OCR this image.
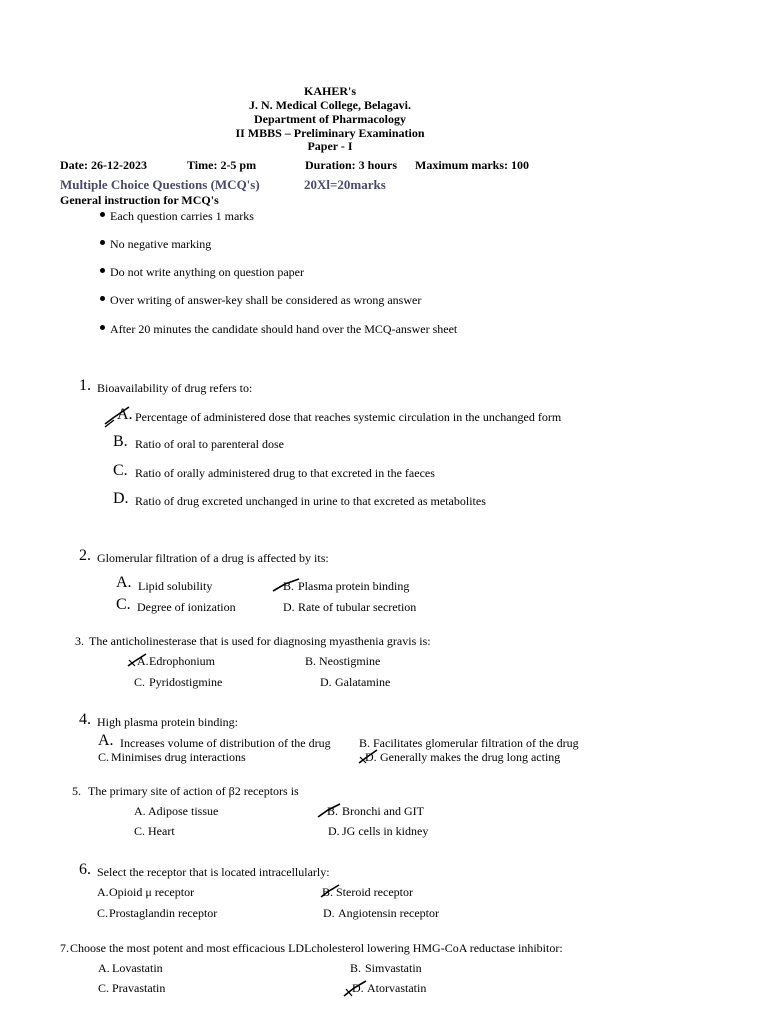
KAHER's
J. N. Medical College, Belagavi.
Department of Pharmacology
II MBBS – Preliminary Examination
Paper - I
Date: 26-12-2023	Time: 2-5 pm	Duration: 3 hours Maximum marks: 100
Multiple Choice Questions (MCQ's)	20Xl=20marks
General instruction for MCQ's
Each question carries 1 marks
No negative marking
Do not write anything on question paper
Over writing of answer-key shall be considered as wrong answer
After 20 minutes the candidate should hand over the MCQ-answer sheet
1. Bioavailability of drug refers to:
A. Percentage of administered dose that reaches systemic circulation in the unchanged form
B. Ratio of oral to parenteral dose
C. Ratio of orally administered drug to that excreted in the faeces
D. Ratio of drug excreted unchanged in urine to that excreted as metabolites
2. Glomerular filtration of a drug is affected by its:
A. Lipid solubility	B. Plasma protein binding
C. Degree of ionization	D. Rate of tubular secretion
3. The anticholinesterase that is used for diagnosing myasthenia gravis is:
A. Edrophonium	B. Neostigmine
C. Pyridostigmine	D. Galatamine
4. High plasma protein binding:
A. Increases volume of distribution of the drug B. Facilitates glomerular filtration of the drug
C. Minimises drug interactions	D. Generally makes the drug long acting
5. The primary site of action of β2 receptors is
A. Adipose tissue	B. Bronchi and GIT
C. Heart	D. JG cells in kidney
6. Select the receptor that is located intracellularly:
A. Opioid μ receptor	B. Steroid receptor
C. Prostaglandin receptor	D. Angiotensin receptor
7. Choose the most potent and most efficacious LDLcholesterol lowering HMG-CoA reductase inhibitor:
A. Lovastatin	B. Simvastatin
C. Pravastatin	D. Atorvastatin
